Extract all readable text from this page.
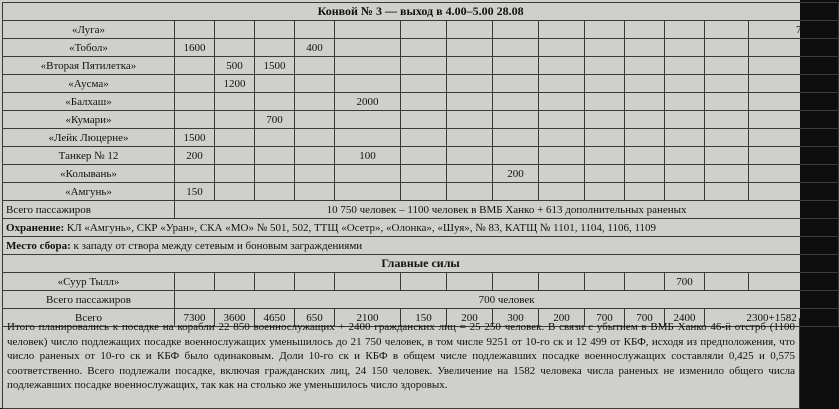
Конвой № 3 — выход в 4.00–5.00 28.08														
«Луга»														700+526
«Тобол»	1600			400										
«Вторая Пятилетка»		500	1500											
«Аусма»		1200												
«Балхаш»					2000									+87
«Кумари»			700											
«Лейк Люцерне»	1500													
Танкер № 12	200				100									
«Колывань»								200						
«Амгунь»	150													
Всего пассажиров	10 750 человек – 1100 человек в ВМБ Ханко + 613 дополнительных раненых													
Охранение: КЛ «Амгунь», СКР «Уран», СКА «МО» № 501, 502, ТТЩ «Осетр», «Олонка», «Шуя», № 83, КАТЩ № 1101, 1104, 1106, 1109														
Место сбора: к западу от створа между сетевым и боновым заграждениями														
Главные силы														
«Суур Тылл»												700		
Всего пассажиров	700 человек													
Всего	7300	3600	4650	650	2100	150	200	300	200	700	700	2400	2300+1582	
Итого планировались к посадке на корабли 22 850 военнослужащих + 2400 гражданских лиц = 25 250 человек. В связи с убытием в ВМБ Ханко 46-й отстрб (1100 человек) число подлежащих посадке военнослужащих уменьшилось до 21 750 человек, в том числе 9251 от 10-го ск и 12 499 от КБФ, исходя из предположения, что число раненых от 10-го ск и КБФ было одинаковым. Доли 10-го ск и КБФ в общем числе подлежавших посадке военнослужащих составляли 0,425 и 0,575 соответственно. Всего подлежали посадке, включая гражданских лиц, 24 150 человек. Увеличение на 1582 человека числа раненых не изменило общего числа подлежавших посадке военнослужащих, так как на столько же уменьшилось число здоровых.
